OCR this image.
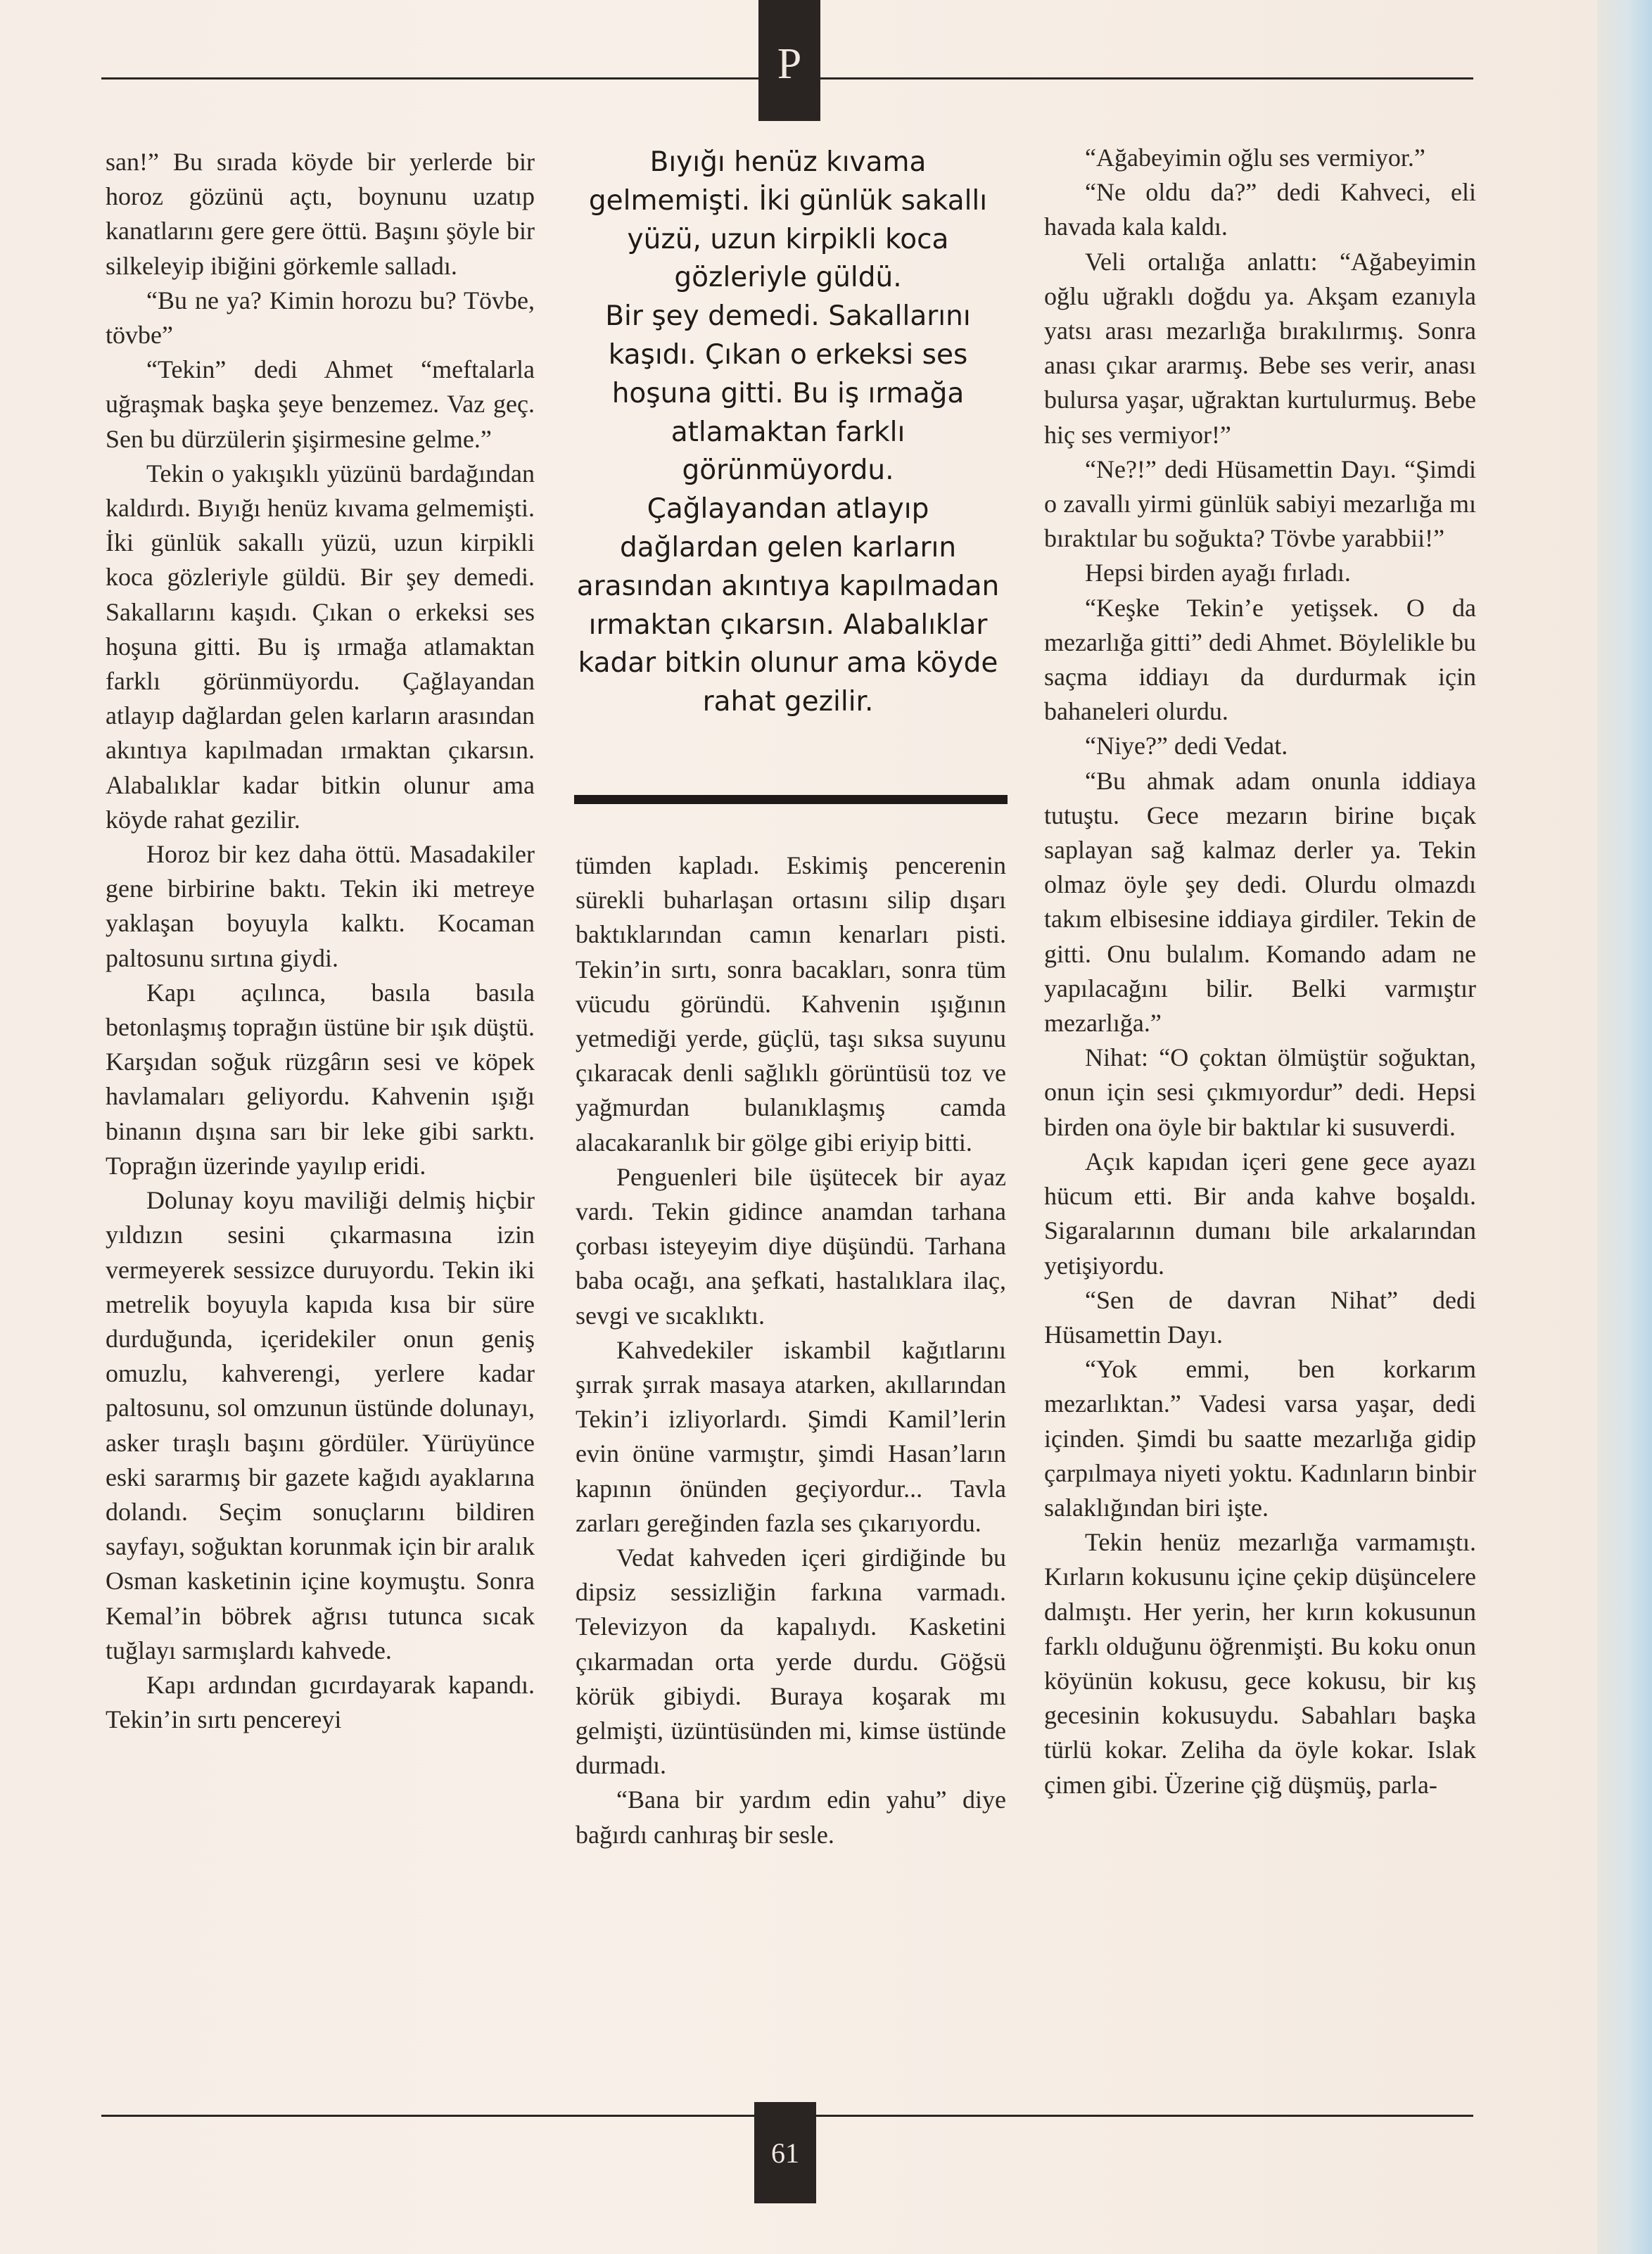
P

san!” Bu sırada köyde bir yerlerde bir horoz gözünü açtı, boynunu uzatıp kanatlarını gere gere öttü. Başını şöyle bir silkeleyip ibiğini görkemle salladı.

“Bu ne ya? Kimin horozu bu? Tövbe, tövbe”

“Tekin” dedi Ahmet “meftalarla uğraşmak başka şeye benzemez. Vaz geç. Sen bu dürzülerin şişirmesine gelme.”

Tekin o yakışıklı yüzünü bardağından kaldırdı. Bıyığı henüz kıvama gelmemişti. İki günlük sakallı yüzü, uzun kirpikli koca gözleriyle güldü. Bir şey demedi. Sakallarını kaşıdı. Çıkan o erkeksi ses hoşuna gitti. Bu iş ırmağa atlamaktan farklı görünmüyordu. Çağlayandan atlayıp dağlardan gelen karların arasından akıntıya kapılmadan ırmaktan çıkarsın. Alabalıklar kadar bitkin olunur ama köyde rahat gezilir.

Horoz bir kez daha öttü. Masadakiler gene birbirine baktı. Tekin iki metreye yaklaşan boyuyla kalktı. Kocaman paltosunu sırtına giydi.

Kapı açılınca, basıla basıla betonlaşmış toprağın üstüne bir ışık düştü. Karşıdan soğuk rüzgârın sesi ve köpek havlamaları geliyordu. Kahvenin ışığı binanın dışına sarı bir leke gibi sarktı. Toprağın üzerinde yayılıp eridi.

Dolunay koyu maviliği delmiş hiçbir yıldızın sesini çıkarmasına izin vermeyerek sessizce duruyordu. Tekin iki metrelik boyuyla kapıda kısa bir süre durduğunda, içeridekiler onun geniş omuzlu, kahverengi, yerlere kadar paltosunu, sol omzunun üstünde dolunayı, asker tıraşlı başını gördüler. Yürüyünce eski sararmış bir gazete kağıdı ayaklarına dolandı. Seçim sonuçlarını bildiren sayfayı, soğuktan korunmak için bir aralık Osman kasketinin içine koymuştu. Sonra Kemal’in böbrek ağrısı tutunca sıcak tuğlayı sarmışlardı kahvede.

Kapı ardından gıcırdayarak kapandı. Tekin’in sırtı pencereyi

Bıyığı henüz kıvama

gelmemişti. İki günlük sakallı

yüzü, uzun kirpikli koca

gözleriyle güldü.

Bir şey demedi. Sakallarını

kaşıdı. Çıkan o erkeksi ses

hoşuna gitti. Bu iş ırmağa

atlamaktan farklı

görünmüyordu.

Çağlayandan atlayıp

dağlardan gelen karların

arasından akıntıya kapılmadan

ırmaktan çıkarsın. Alabalıklar

kadar bitkin olunur ama köyde

rahat gezilir.

tümden kapladı. Eskimiş pencerenin sürekli buharlaşan ortasını silip dışarı baktıklarından camın kenarları pisti. Tekin’in sırtı, sonra bacakları, sonra tüm vücudu göründü. Kahvenin ışığının yetmediği yerde, güçlü, taşı sıksa suyunu çıkaracak denli sağlıklı görüntüsü toz ve yağmurdan bulanıklaşmış camda alacakaranlık bir gölge gibi eriyip bitti.

Penguenleri bile üşütecek bir ayaz vardı. Tekin gidince anamdan tarhana çorbası isteyeyim diye düşündü. Tarhana baba ocağı, ana şefkati, hastalıklara ilaç, sevgi ve sıcaklıktı.

Kahvedekiler iskambil kağıtlarını şırrak şırrak masaya atarken, akıllarından Tekin’i izliyorlardı. Şimdi Kamil’lerin evin önüne varmıştır, şimdi Hasan’ların kapının önünden geçiyordur... Tavla zarları gereğinden fazla ses çıkarıyordu.

Vedat kahveden içeri girdiğinde bu dipsiz sessizliğin farkına varmadı. Televizyon da kapalıydı. Kasketini çıkarmadan orta yerde durdu. Göğsü körük gibiydi. Buraya koşarak mı gelmişti, üzüntüsünden mi, kimse üstünde durmadı.

“Bana bir yardım edin yahu” diye bağırdı canhıraş bir sesle.

“Ağabeyimin oğlu ses vermiyor.”

“Ne oldu da?” dedi Kahveci, eli havada kala kaldı.

Veli ortalığa anlattı: “Ağabeyimin oğlu uğraklı doğdu ya. Akşam ezanıyla yatsı arası mezarlığa bırakılırmış. Sonra anası çıkar ararmış. Bebe ses verir, anası bulursa yaşar, uğraktan kurtulurmuş. Bebe hiç ses vermiyor!”

“Ne?!” dedi Hüsamettin Dayı. “Şimdi o zavallı yirmi günlük sabiyi mezarlığa mı bıraktılar bu soğukta? Tövbe yarabbii!”

Hepsi birden ayağı fırladı.

“Keşke Tekin’e yetişsek. O da mezarlığa gitti” dedi Ahmet. Böylelikle bu saçma iddiayı da durdurmak için bahaneleri olurdu.

“Niye?” dedi Vedat.

“Bu ahmak adam onunla iddiaya tutuştu. Gece mezarın birine bıçak saplayan sağ kalmaz derler ya. Tekin olmaz öyle şey dedi. Olurdu olmazdı takım elbisesine iddiaya girdiler. Tekin de gitti. Onu bulalım. Komando adam ne yapılacağını bilir. Belki varmıştır mezarlığa.”

Nihat: “O çoktan ölmüştür soğuktan, onun için sesi çıkmıyordur” dedi. Hepsi birden ona öyle bir baktılar ki susuverdi.

Açık kapıdan içeri gene gece ayazı hücum etti. Bir anda kahve boşaldı. Sigaralarının dumanı bile arkalarından yetişiyordu.

“Sen de davran Nihat” dedi Hüsamettin Dayı.

“Yok emmi, ben korkarım mezarlıktan.” Vadesi varsa yaşar, dedi içinden. Şimdi bu saatte mezarlığa gidip çarpılmaya niyeti yoktu. Kadınların binbir salaklığından biri işte.

Tekin henüz mezarlığa varmamıştı. Kırların kokusunu içine çekip düşüncelere dalmıştı. Her yerin, her kırın kokusunun farklı olduğunu öğrenmişti. Bu koku onun köyünün kokusu, gece kokusu, bir kış gecesinin kokusuydu. Sabahları başka türlü kokar. Zeliha da öyle kokar. Islak çimen gibi. Üzerine çiğ düşmüş, parla-

61
